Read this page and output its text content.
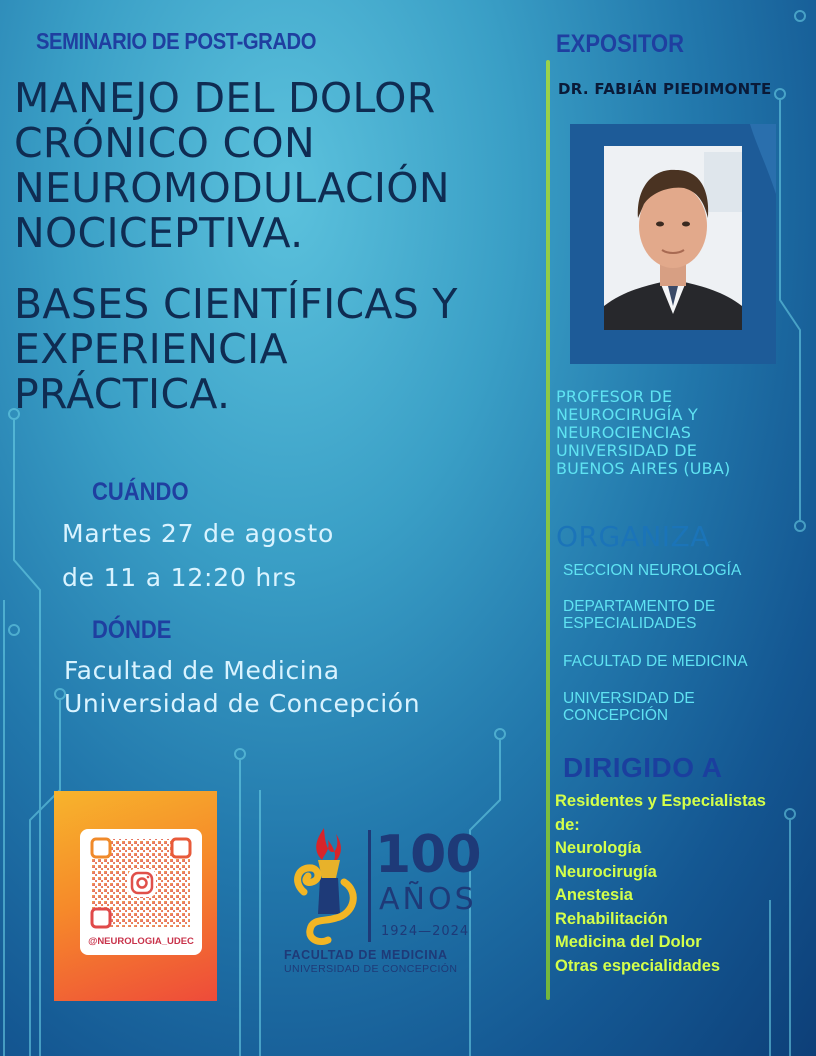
SEMINARIO DE POST-GRADO
MANEJO DEL DOLOR
CRÓNICO CON
NEUROMODULACIÓN
NOCICEPTIVA.
BASES CIENTÍFICAS Y
EXPERIENCIA
PRÁCTICA.
CUÁNDO
Martes 27 de agosto
de 11 a 12:20 hrs
DÓNDE
Facultad de Medicina
Universidad de Concepción
@NEUROLOGIA_UDEC
100
AÑOS
1924—2024
FACULTAD DE MEDICINA
UNIVERSIDAD DE CONCEPCIÓN
EXPOSITOR
DR. FABIÁN PIEDIMONTE
PROFESOR DE
NEUROCIRUGÍA Y
NEUROCIENCIAS
UNIVERSIDAD DE
BUENOS AIRES (UBA)
ORGANIZA
SECCION NEUROLOGÍA
DEPARTAMENTO DE
ESPECIALIDADES
FACULTAD DE MEDICINA
UNIVERSIDAD DE
CONCEPCIÓN
DIRIGIDO A
Residentes y Especialistas
de:
Neurología
Neurocirugía
Anestesia
Rehabilitación
Medicina del Dolor
Otras especialidades
